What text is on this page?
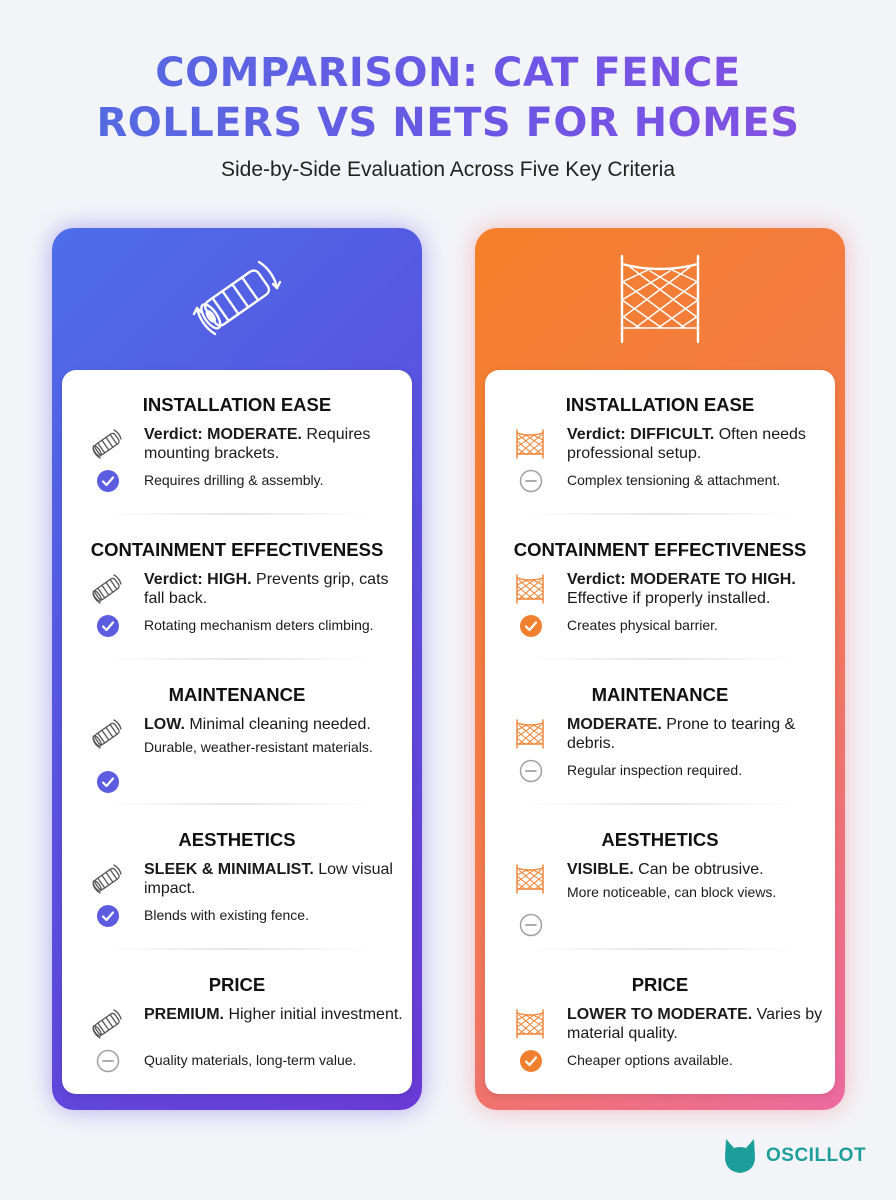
COMPARISON: CAT FENCE
ROLLERS VS NETS FOR HOMES
Side-by-Side Evaluation Across Five Key Criteria
INSTALLATION EASE
Verdict: MODERATE. Requires mounting brackets.
Requires drilling & assembly.
CONTAINMENT EFFECTIVENESS
Verdict: HIGH. Prevents grip, cats fall back.
Rotating mechanism deters climbing.
MAINTENANCE
LOW. Minimal cleaning needed.
Durable, weather-resistant materials.
AESTHETICS
SLEEK & MINIMALIST. Low visual impact.
Blends with existing fence.
PRICE
PREMIUM. Higher initial investment.
Quality materials, long-term value.
INSTALLATION EASE
Verdict: DIFFICULT. Often needs professional setup.
Complex tensioning & attachment.
CONTAINMENT EFFECTIVENESS
Verdict: MODERATE TO HIGH. Effective if properly installed.
Creates physical barrier.
MAINTENANCE
MODERATE. Prone to tearing & debris.
Regular inspection required.
AESTHETICS
VISIBLE. Can be obtrusive.
More noticeable, can block views.
PRICE
LOWER TO MODERATE. Varies by material quality.
Cheaper options available.
OSCILLOT
